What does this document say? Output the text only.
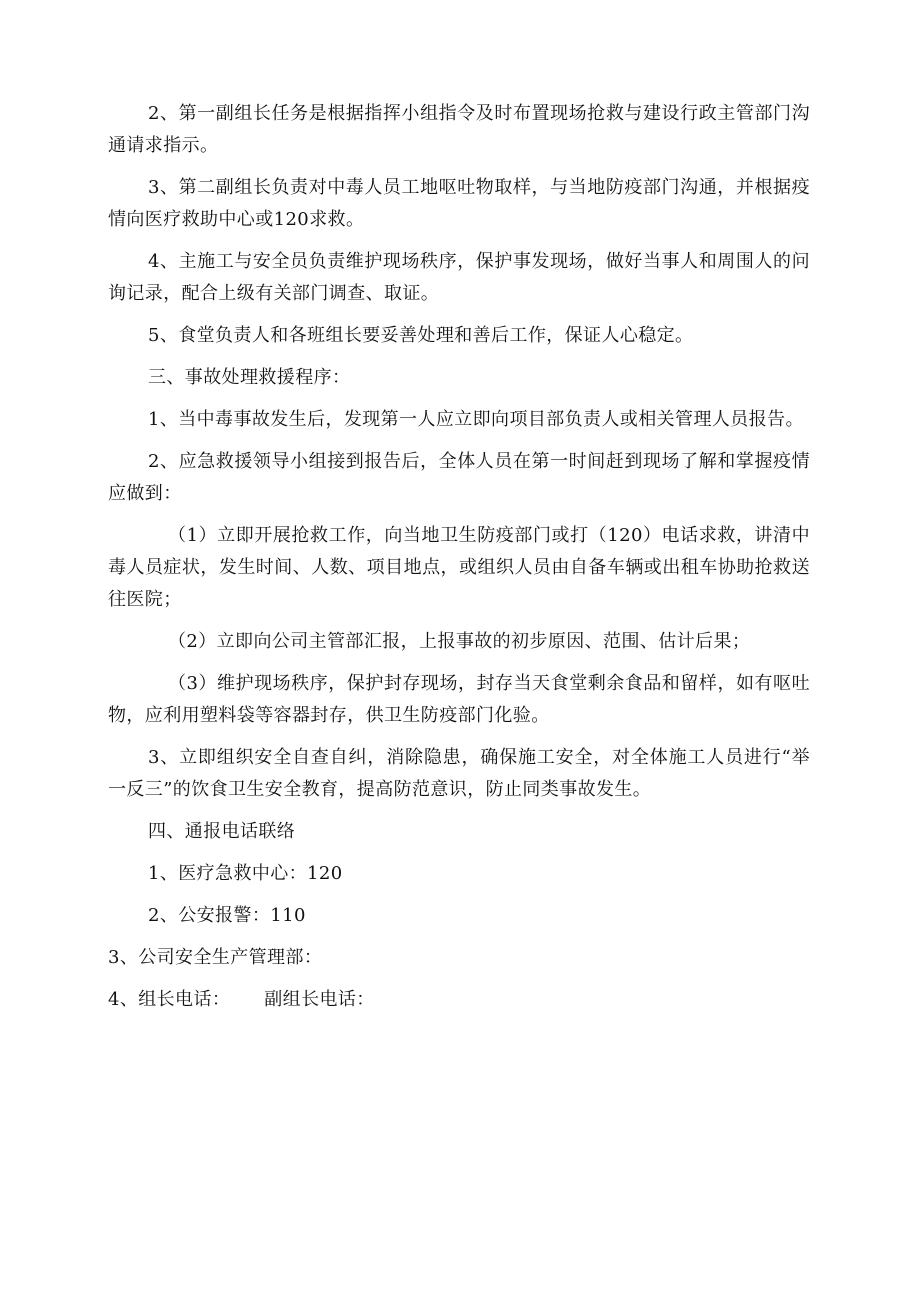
2、第一副组长任务是根据指挥小组指令及时布置现场抢救与建设行政主管部门沟通请求指示。

3、第二副组长负责对中毒人员工地呕吐物取样，与当地防疫部门沟通，并根据疫情向医疗救助中心或120求救。

4、主施工与安全员负责维护现场秩序，保护事发现场，做好当事人和周围人的问询记录，配合上级有关部门调查、取证。

5、食堂负责人和各班组长要妥善处理和善后工作，保证人心稳定。

三、事故处理救援程序：

1、当中毒事故发生后，发现第一人应立即向项目部负责人或相关管理人员报告。

2、应急救援领导小组接到报告后，全体人员在第一时间赶到现场了解和掌握疫情应做到：

（1）立即开展抢救工作，向当地卫生防疫部门或打（120）电话求救，讲清中毒人员症状，发生时间、人数、项目地点，或组织人员由自备车辆或出租车协助抢救送往医院；

（2）立即向公司主管部汇报，上报事故的初步原因、范围、估计后果；

（3）维护现场秩序，保护封存现场，封存当天食堂剩余食品和留样，如有呕吐物，应利用塑料袋等容器封存，供卫生防疫部门化验。

3、立即组织安全自查自纠，消除隐患，确保施工安全，对全体施工人员进行“举一反三”的饮食卫生安全教育，提高防范意识，防止同类事故发生。

四、通报电话联络

1、医疗急救中心：120

2、公安报警：110

3、公司安全生产管理部：

4、组长电话： 副组长电话：
